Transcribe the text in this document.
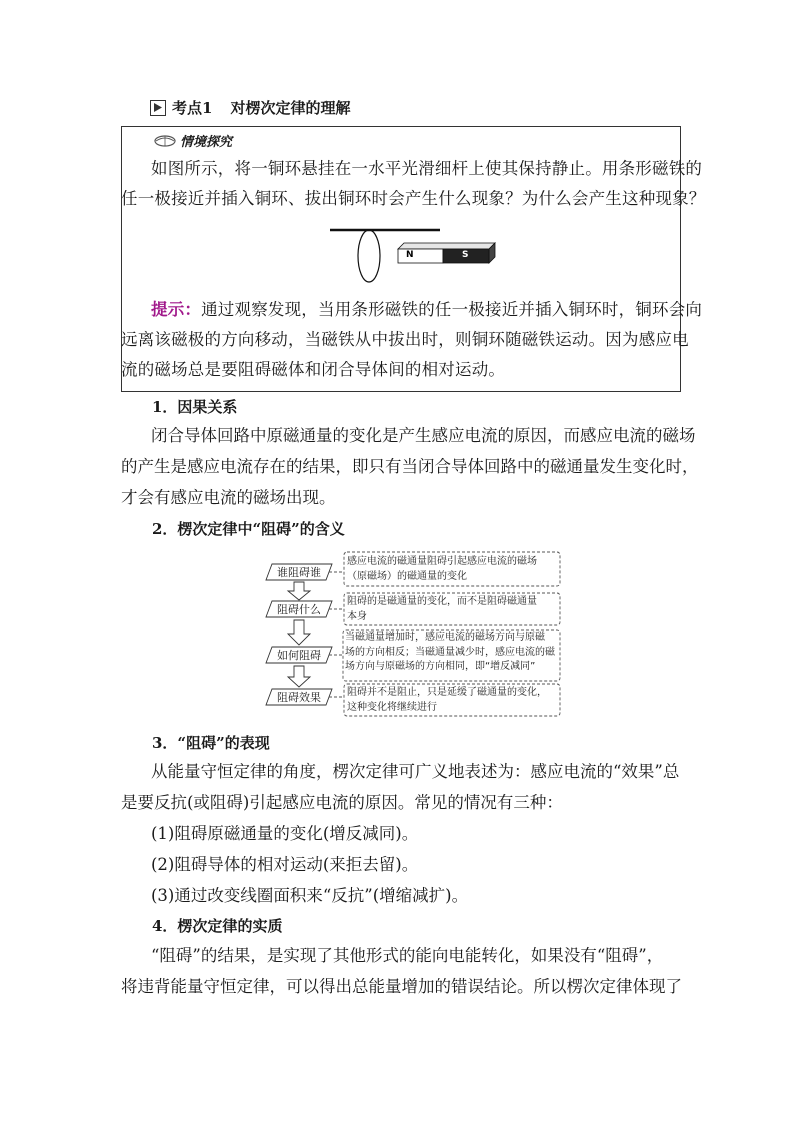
考点1 对楞次定律的理解
情境探究
如图所示，将一铜环悬挂在一水平光滑细杆上使其保持静止。用条形磁铁的
任一极接近并插入铜环、拔出铜环时会产生什么现象？为什么会产生这种现象？
N	S
提示：通过观察发现，当用条形磁铁的任一极接近并插入铜环时，铜环会向
远离该磁极的方向移动，当磁铁从中拔出时，则铜环随磁铁运动。因为感应电
流的磁场总是要阻碍磁体和闭合导体间的相对运动。
1．因果关系
闭合导体回路中原磁通量的变化是产生感应电流的原因，而感应电流的磁场
的产生是感应电流存在的结果，即只有当闭合导体回路中的磁通量发生变化时，
才会有感应电流的磁场出现。
2．楞次定律中“阻碍”的含义
谁阻碍谁
阻碍什么
如何阻碍
阻碍效果
感应电流的磁通量阻碍引起感应电流的磁场
（原磁场）的磁通量的变化
阻碍的是磁通量的变化，而不是阻碍磁通量
本身
当磁通量增加时，感应电流的磁场方向与原磁
场的方向相反；当磁通量减少时，感应电流的磁
场方向与原磁场的方向相同，即“增反减同”
阻碍并不是阻止，只是延缓了磁通量的变化，
这种变化将继续进行
3．“阻碍”的表现
从能量守恒定律的角度，楞次定律可广义地表述为：感应电流的“效果”总
是要反抗(或阻碍)引起感应电流的原因。常见的情况有三种：
(1)阻碍原磁通量的变化(增反减同)。
(2)阻碍导体的相对运动(来拒去留)。
(3)通过改变线圈面积来“反抗”(增缩减扩)。
4．楞次定律的实质
“阻碍”的结果，是实现了其他形式的能向电能转化，如果没有“阻碍”，
将违背能量守恒定律，可以得出总能量增加的错误结论。所以楞次定律体现了
